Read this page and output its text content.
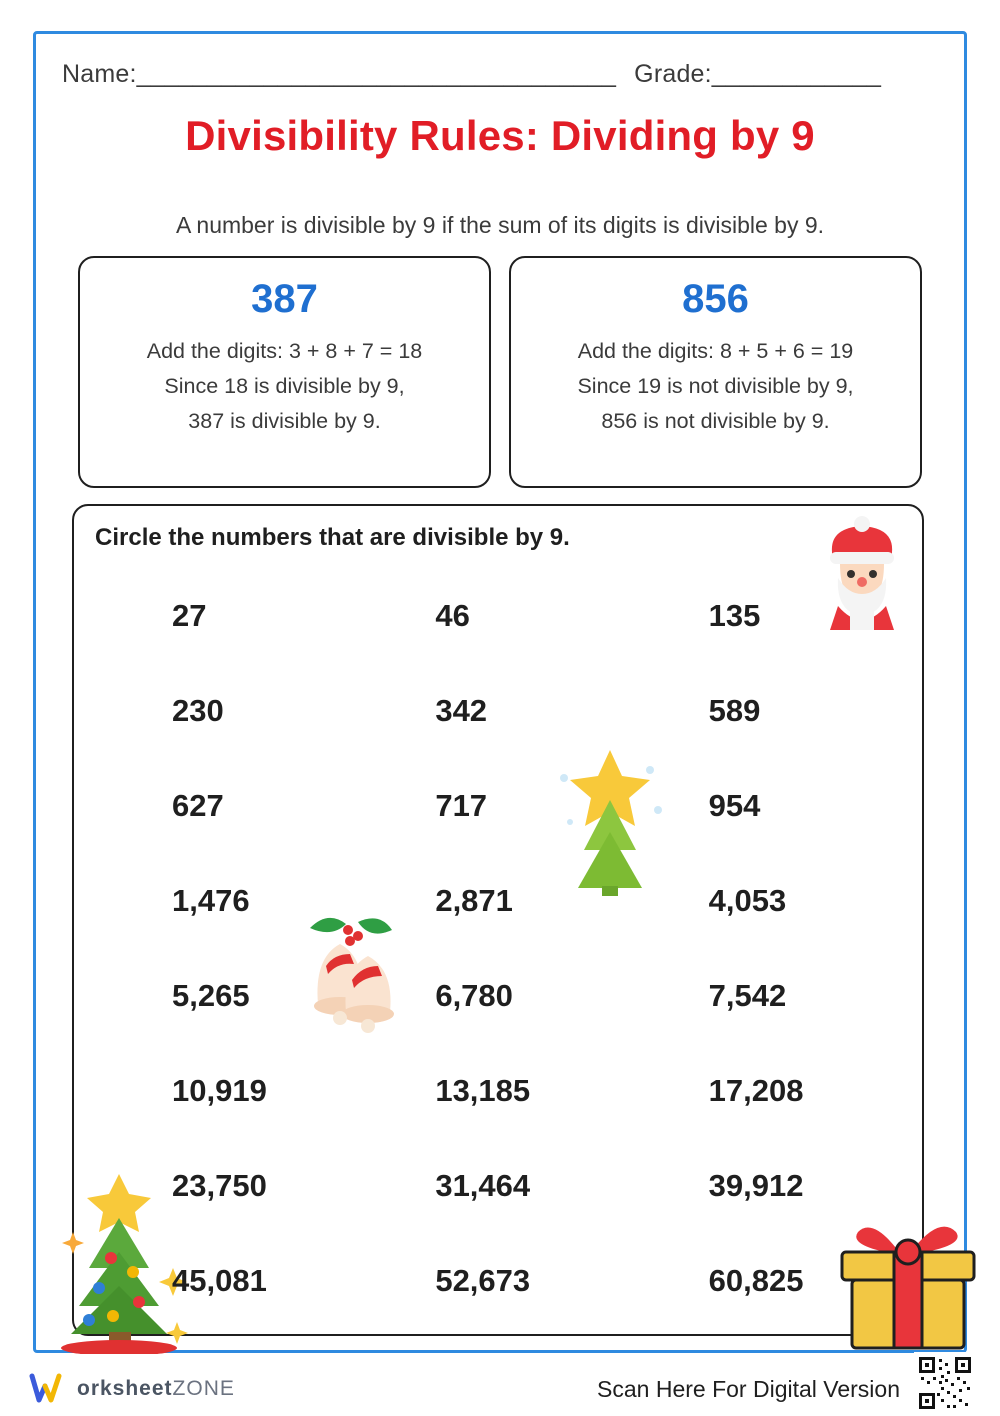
Name:__________________________________ Grade:____________
Divisibility Rules: Dividing by 9
A number is divisible by 9 if the sum of its digits is divisible by 9.
387
Add the digits: 3 + 8 + 7 = 18
Since 18 is divisible by 9,
387 is divisible by 9.
856
Add the digits: 8 + 5 + 6 = 19
Since 19 is not divisible by 9,
856 is not divisible by 9.
Circle the numbers that are divisible by 9.
27	46	135
230	342	589
627	717	954
1,476	2,871	4,053
5,265	6,780	7,542
10,919	13,185	17,208
23,750	31,464	39,912
45,081	52,673	60,825
orksheetZONE	Scan Here For Digital Version
